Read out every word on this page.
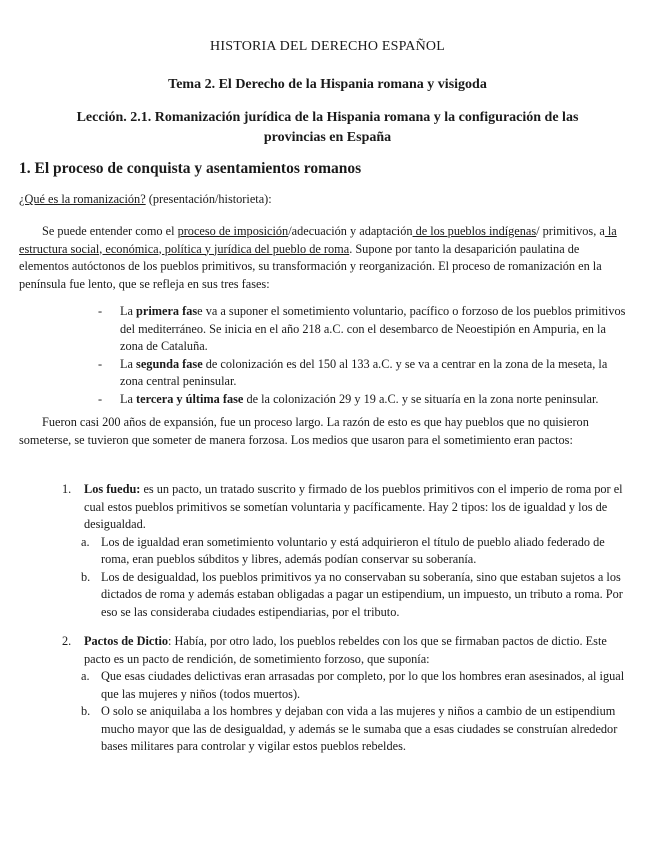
HISTORIA DEL DERECHO ESPAÑOL
Tema 2. El Derecho de la Hispania romana y visigoda
Lección. 2.1. Romanización jurídica de la Hispania romana y la configuración de las provincias en España
1. El proceso de conquista y asentamientos romanos
¿Qué es la romanización? (presentación/historieta):
Se puede entender como el proceso de imposición/adecuación y adaptación de los pueblos indígenas/ primitivos, a la estructura social, económica, política y jurídica del pueblo de roma. Supone por tanto la desaparición paulatina de elementos autóctonos de los pueblos primitivos, su transformación y reorganización. El proceso de romanización en la península fue lento, que se refleja en sus tres fases:
- La primera fase va a suponer el sometimiento voluntario, pacífico o forzoso de los pueblos primitivos del mediterráneo. Se inicia en el año 218 a.C. con el desembarco de Neoestipión en Ampuria, en la zona de Cataluña.
- La segunda fase de colonización es del 150 al 133 a.C. y se va a centrar en la zona de la meseta, la zona central peninsular.
- La tercera y última fase de la colonización 29 y 19 a.C. y se situaría en la zona norte peninsular.
Fueron casi 200 años de expansión, fue un proceso largo. La razón de esto es que hay pueblos que no quisieron someterse, se tuvieron que someter de manera forzosa. Los medios que usaron para el sometimiento eran pactos:
1. Los fuedu: es un pacto, un tratado suscrito y firmado de los pueblos primitivos con el imperio de roma por el cual estos pueblos primitivos se sometían voluntaria y pacíficamente. Hay 2 tipos: los de igualdad y los de desigualdad.
a. Los de igualdad eran sometimiento voluntario y está adquirieron el título de pueblo aliado federado de roma, eran pueblos súbditos y libres, además podían conservar su soberanía.
b. Los de desigualdad, los pueblos primitivos ya no conservaban su soberanía, sino que estaban sujetos a los dictados de roma y además estaban obligadas a pagar un estipendium, un impuesto, un tributo a roma. Por eso se las consideraba ciudades estipendiarias, por el tributo.
2. Pactos de Dictio: Había, por otro lado, los pueblos rebeldes con los que se firmaban pactos de dictio. Este pacto es un pacto de rendición, de sometimiento forzoso, que suponía:
a. Que esas ciudades delictivas eran arrasadas por completo, por lo que los hombres eran asesinados, al igual que las mujeres y niños (todos muertos).
b. O solo se aniquilaba a los hombres y dejaban con vida a las mujeres y niños a cambio de un estipendium mucho mayor que las de desigualdad, y además se le sumaba que a esas ciudades se construían alrededor bases militares para controlar y vigilar estos pueblos rebeldes.
